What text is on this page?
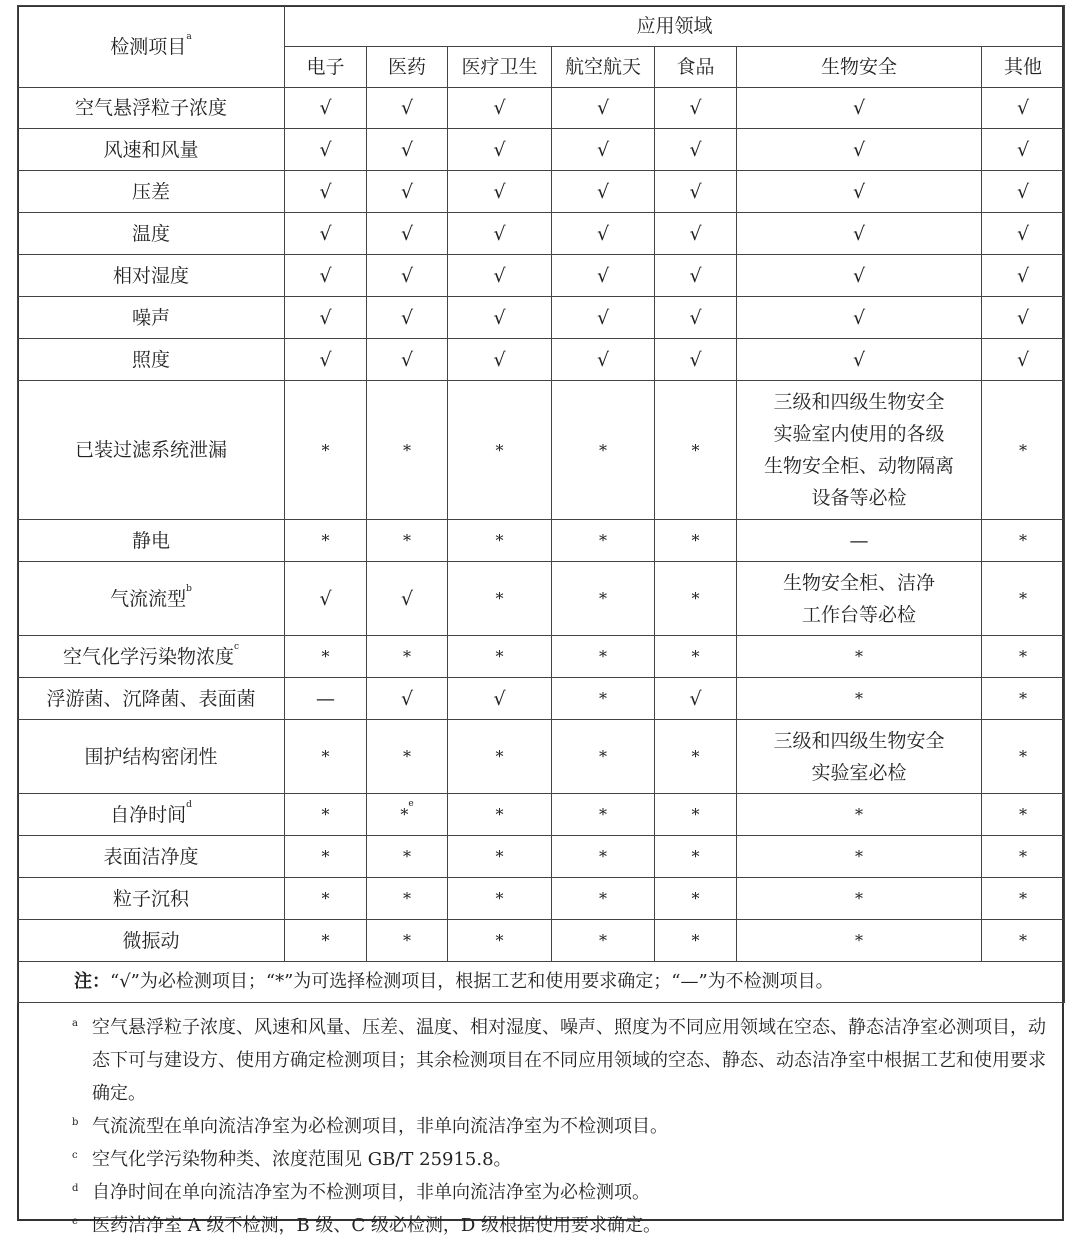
检测项目$^a$	应用领域						
	电子	医药	医疗卫生	航空航天	食品	生物安全	其他
空气悬浮粒子浓度	√	√	√	√	√	√	√
风速和风量	√	√	√	√	√	√	√
压差	√	√	√	√	√	√	√
温度	√	√	√	√	√	√	√
相对湿度	√	√	√	√	√	√	√
噪声	√	√	√	√	√	√	√
照度	√	√	√	√	√	√	√
已装过滤系统泄漏	*	*	*	*	*	三级和四级生物安全
实验室内使用的各级
生物安全柜、动物隔离
设备等必检	*
静电	*	*	*	*	*	—	*
气流流型$^b$	√	√	*	*	*	生物安全柜、洁净
工作台等必检	*
空气化学污染物浓度$^c$	*	*	*	*	*	*	*
浮游菌、沉降菌、表面菌	—	√	√	*	√	*	*
围护结构密闭性	*	*	*	*	*	三级和四级生物安全
实验室必检	*
自净时间$^d$	*	*$^e$	*	*	*	*	*
表面洁净度	*	*	*	*	*	*	*
粒子沉积	*	*	*	*	*	*	*
微振动	*	*	*	*	*	*	*
注：“√”为必检测项目；“*”为可选择检测项目，根据工艺和使用要求确定；“—”为不检测项目。							
a 空气悬浮粒子浓度、风速和风量、压差、温度、相对湿度、噪声、照度为不同应用领域在空态、静态洁净室必测项目，动态下可与建设方、使用方确定检测项目；其余检测项目在不同应用领域的空态、静态、动态洁净室中根据工艺和使用要求确定。
b 气流流型在单向流洁净室为必检测项目，非单向流洁净室为不检测项目。
c 空气化学污染物种类、浓度范围见 GB/T 25915.8。
d 自净时间在单向流洁净室为不检测项目，非单向流洁净室为必检测项。
e 医药洁净室 A 级不检测，B 级、C 级必检测，D 级根据使用要求确定。
